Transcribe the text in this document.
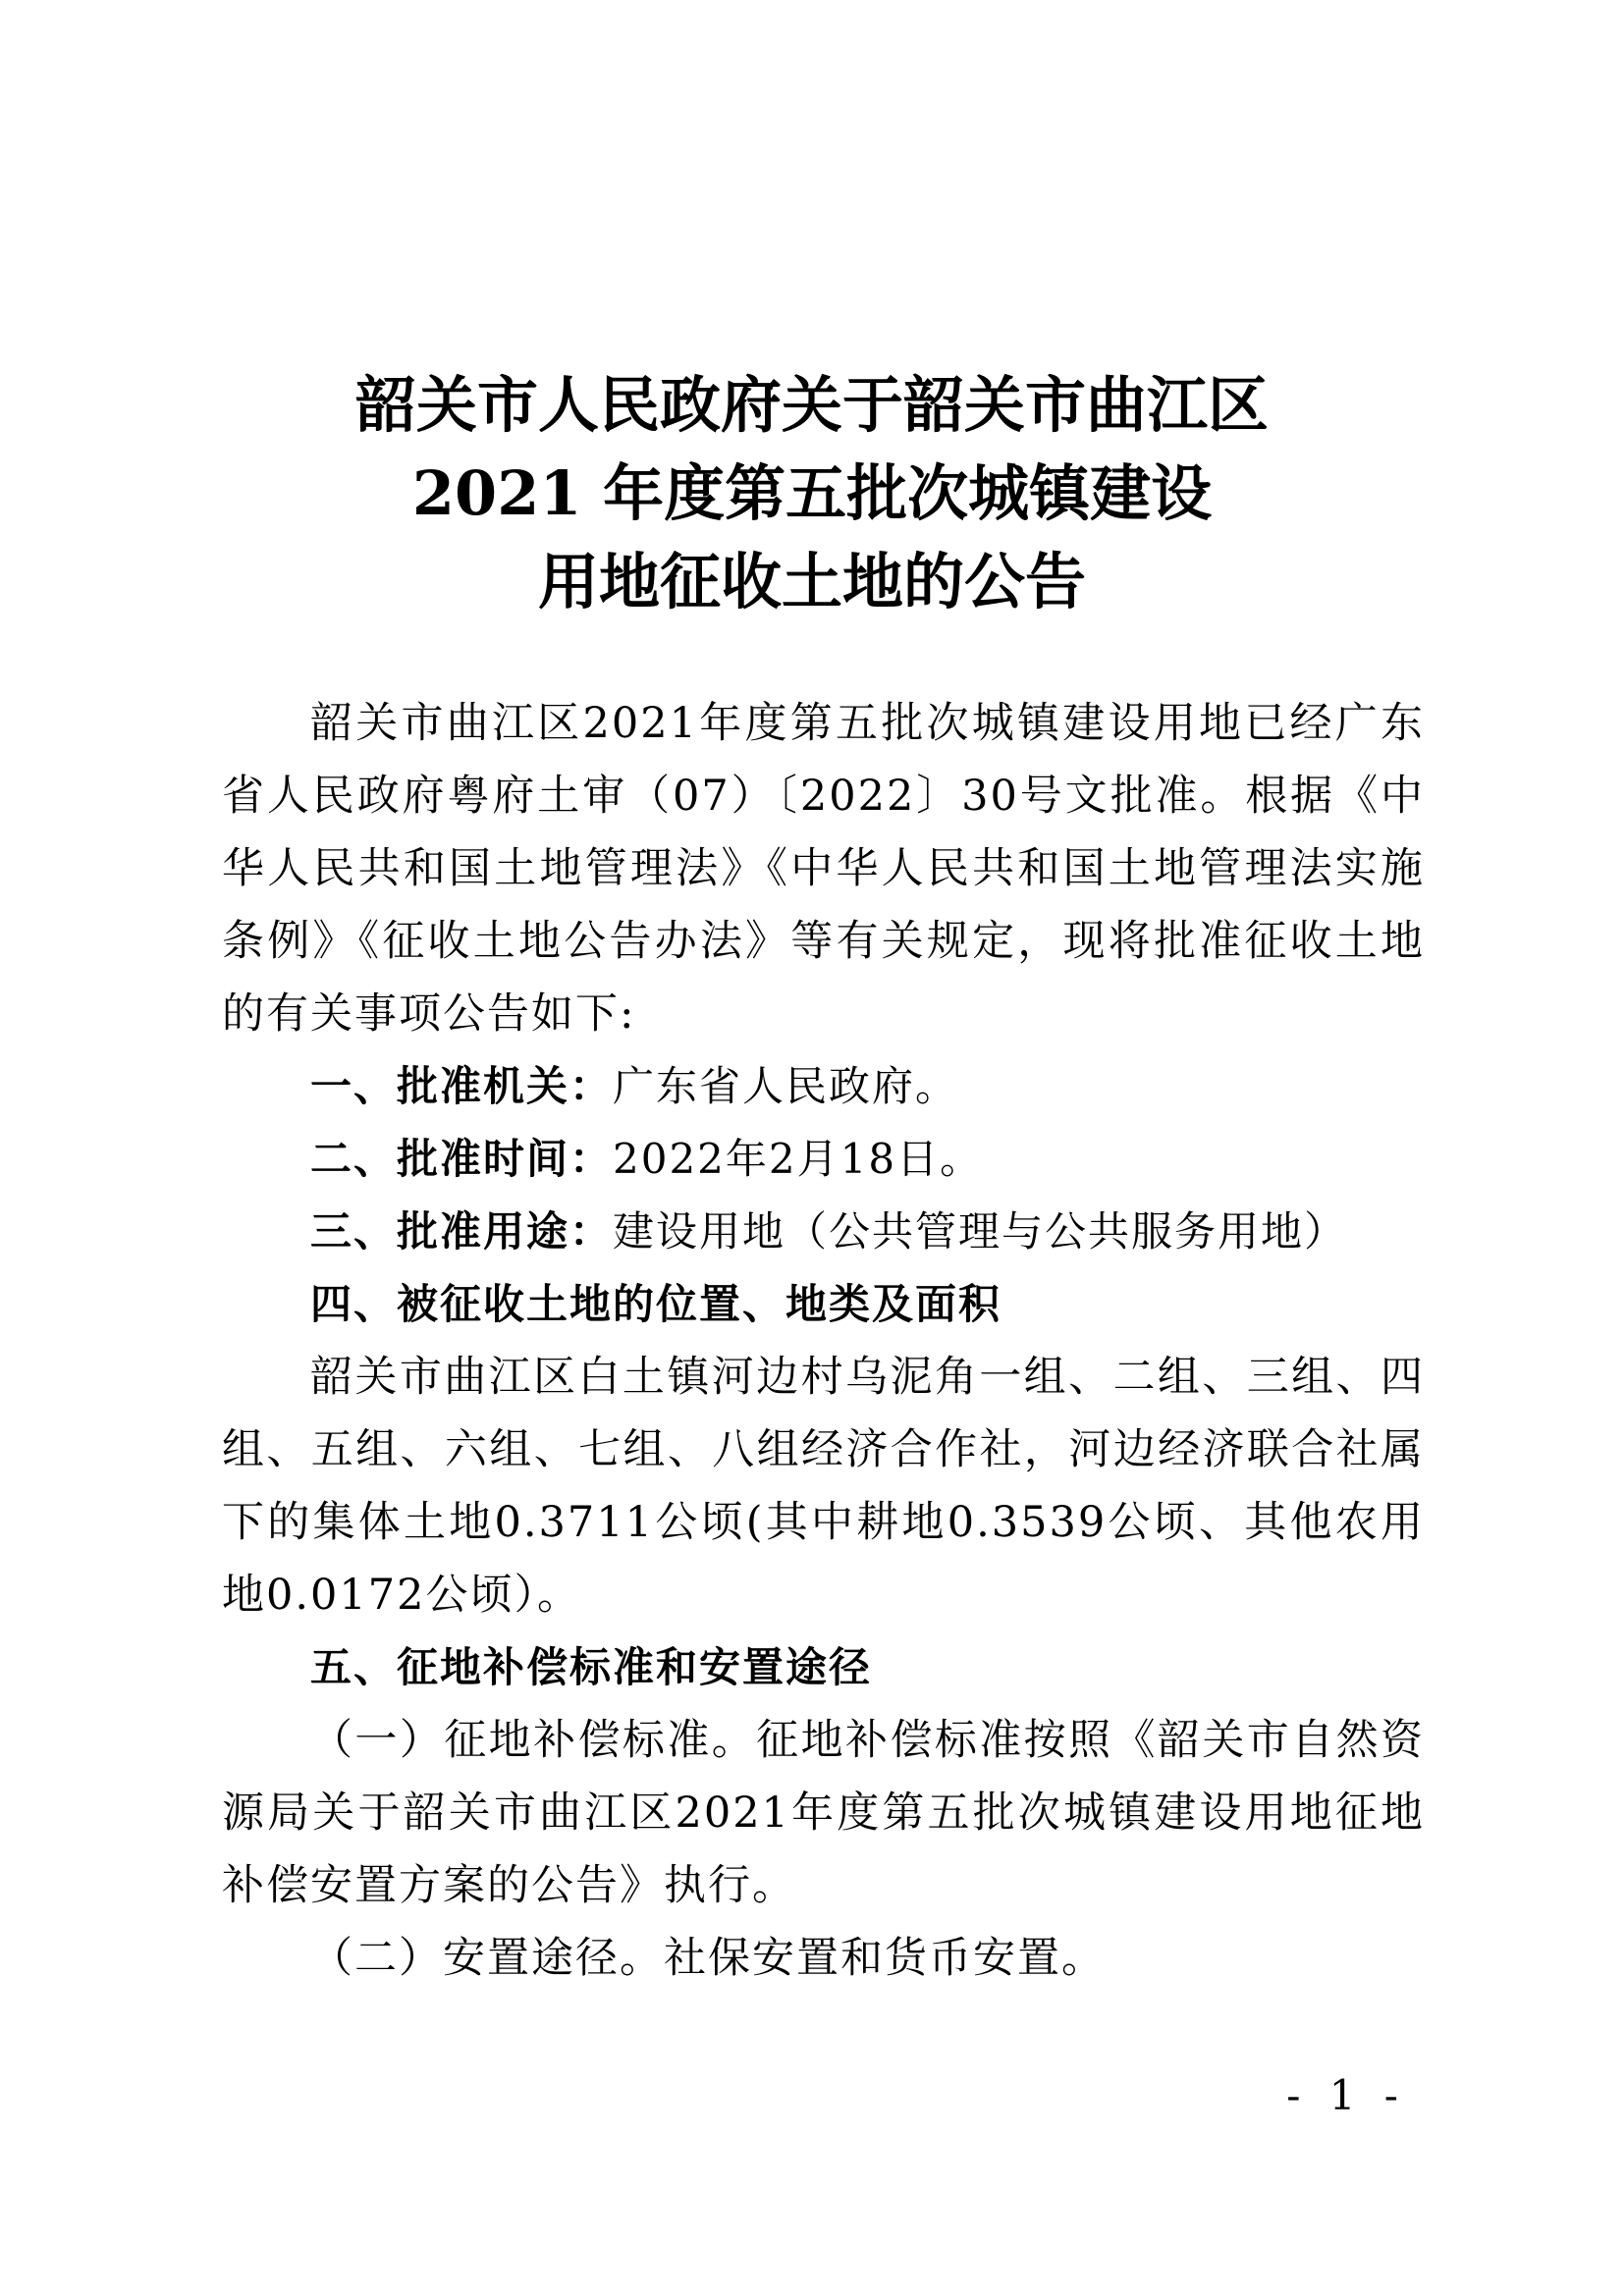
韶关市人民政府关于韶关市曲江区
2021 年度第五批次城镇建设
用地征收土地的公告

韶关市曲江区2021年度第五批次城镇建设用地已经广东省人民政府粤府土审（07）〔2022〕30号文批准。根据《中华人民共和国土地管理法》《中华人民共和国土地管理法实施条例》《征收土地公告办法》等有关规定，现将批准征收土地的有关事项公告如下:

一、批准机关：广东省人民政府。

二、批准时间：2022年2月18日。

三、批准用途：建设用地（公共管理与公共服务用地）

四、被征收土地的位置、地类及面积

韶关市曲江区白土镇河边村乌泥角一组、二组、三组、四组、五组、六组、七组、八组经济合作社，河边经济联合社属下的集体土地0.3711公顷(其中耕地0.3539公顷、其他农用地0.0172公顷）。

五、征地补偿标准和安置途径

（一）征地补偿标准。征地补偿标准按照《韶关市自然资源局关于韶关市曲江区2021年度第五批次城镇建设用地征地补偿安置方案的公告》执行。

（二）安置途径。社保安置和货币安置。

- 1 -
